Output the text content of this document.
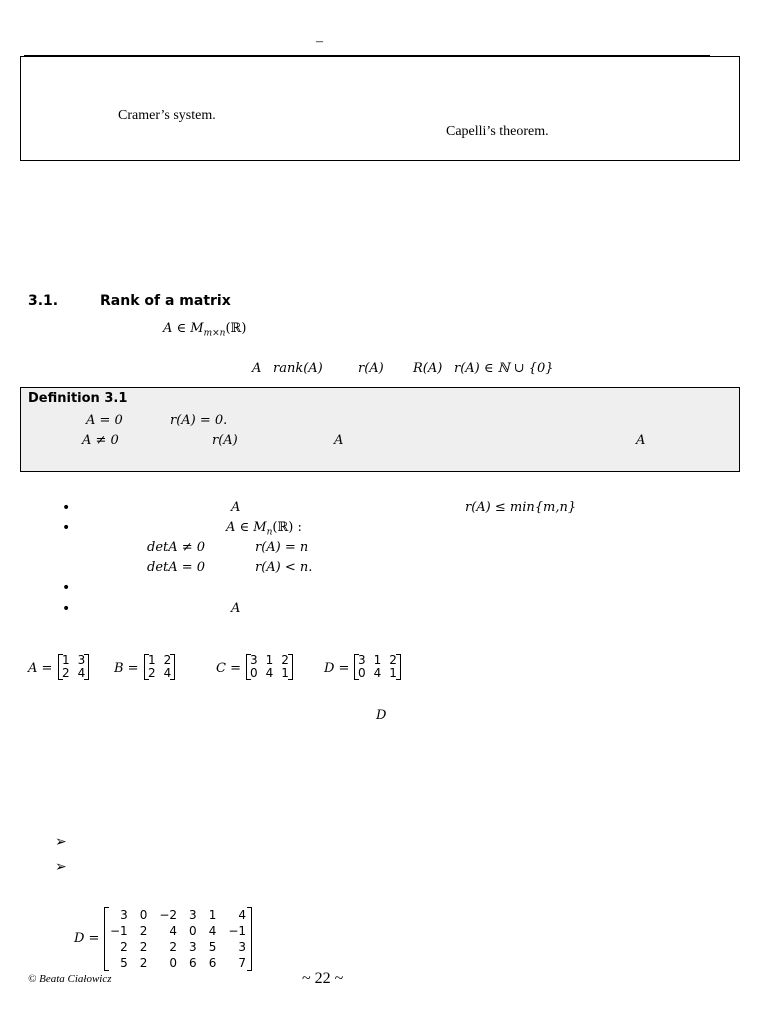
–
Cramer’s system.
Capelli’s theorem.
3.1.	Rank of a matrix
A ∈ $M_{m\times n}(ℝ)$
A rank(A)	r(A) R(A) r(A) ∈ ℕ ∪ {0}
Definition 3.1
A = 0	r(A) = 0.
A ≠ 0	r(A)	A	A
•	A	r(A) ≤ min{m,n}
•	A ∈ $M_n(ℝ)$ :
detA ≠ 0	r(A) = n
detA = 0	r(A) < n.
•
•	A
A =
1	3
2	4 B =
1	2
2	4	C =
3	1	2
0	4	1	D =
3	1	2
0	4	1
D
➢
➢
D =
3	0	−2	3	1	4
−1	2	4	0	4	−1
2	2	2	3	5	3
5	2	0	6	6	7
© Beata Ciałowicz	~ 22 ~
